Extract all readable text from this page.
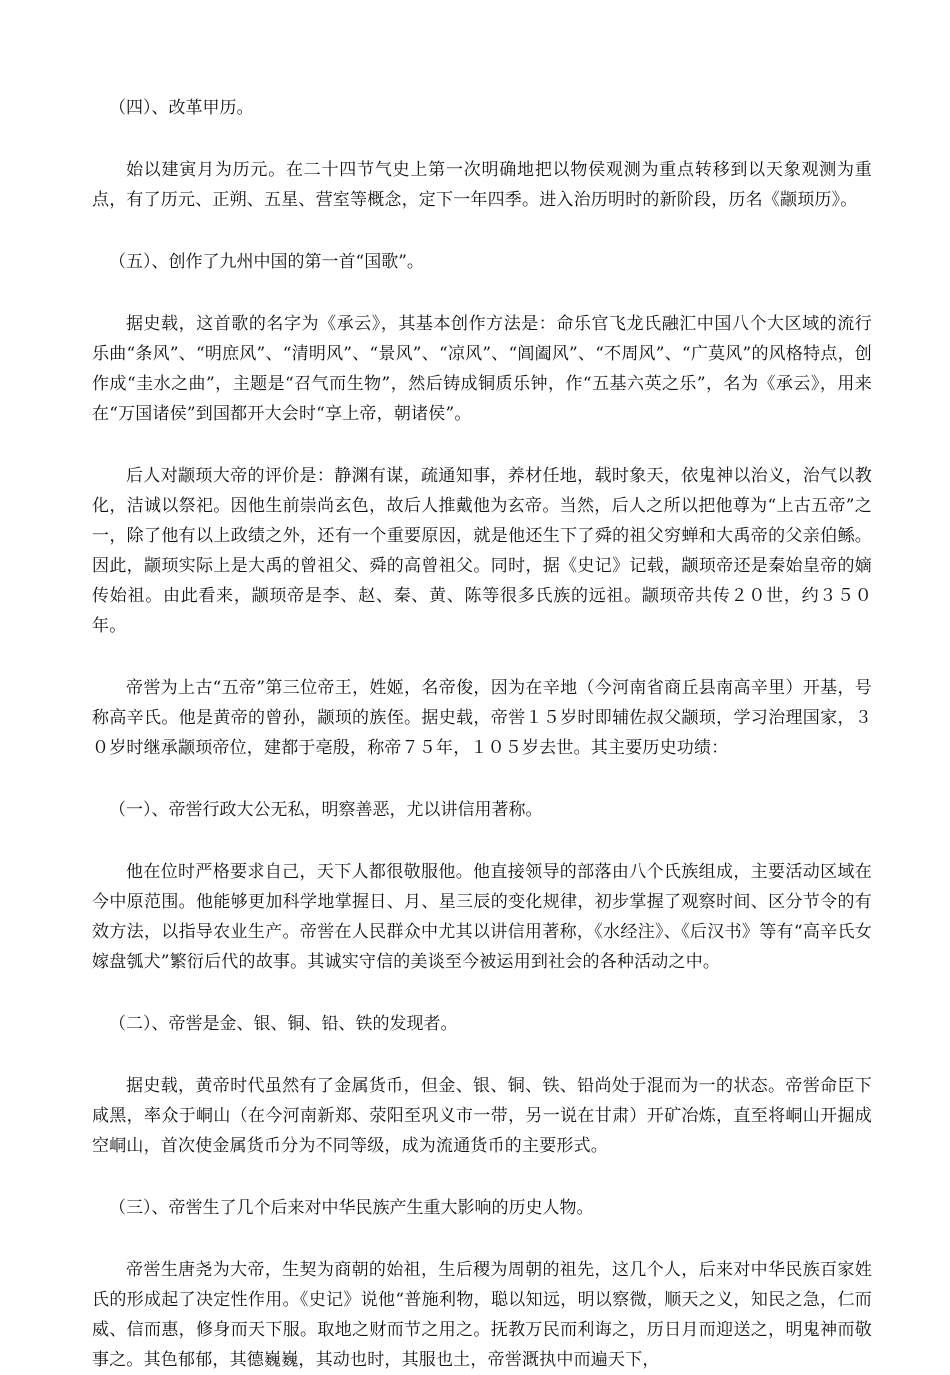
（四）、改革甲历。

始以建寅月为历元。在二十四节气史上第一次明确地把以物侯观测为重点转移到以天象观测为重点，有了历元、正朔、五星、营室等概念，定下一年四季。进入治历明时的新阶段，历名《颛顼历》。

（五）、创作了九州中国的第一首“国歌”。

据史载，这首歌的名字为《承云》，其基本创作方法是：命乐官飞龙氏融汇中国八个大区域的流行乐曲“条风”、“明庶风”、“清明风”、“景风”、“凉风”、“阊阖风”、“不周风”、“广莫风”的风格特点，创作成“圭水之曲”，主题是“召气而生物”，然后铸成铜质乐钟，作“五基六英之乐”，名为《承云》，用来在“万国诸侯”到国都开大会时“享上帝，朝诸侯”。

后人对颛顼大帝的评价是：静渊有谋，疏通知事，养材任地，载时象天，依鬼神以治义，治气以教化，洁诚以祭祀。因他生前崇尚玄色，故后人推戴他为玄帝。当然，后人之所以把他尊为“上古五帝”之一，除了他有以上政绩之外，还有一个重要原因，就是他还生下了舜的祖父穷蝉和大禹帝的父亲伯鲧。因此，颛顼实际上是大禹的曾祖父、舜的高曾祖父。同时，据《史记》记载，颛顼帝还是秦始皇帝的嫡传始祖。由此看来，颛顼帝是李、赵、秦、黄、陈等很多氏族的远祖。颛顼帝共传２０世，约３５０年。

帝喾为上古“五帝”第三位帝王，姓姬，名帝俊，因为在辛地（今河南省商丘县南高辛里）开基，号称高辛氏。他是黄帝的曾孙，颛顼的族侄。据史载，帝喾１５岁时即辅佐叔父颛顼，学习治理国家，３０岁时继承颛顼帝位，建都于亳殷，称帝７５年，１０５岁去世。其主要历史功绩：

（一）、帝喾行政大公无私，明察善恶，尤以讲信用著称。

他在位时严格要求自己，天下人都很敬服他。他直接领导的部落由八个氏族组成，主要活动区域在今中原范围。他能够更加科学地掌握日、月、星三辰的变化规律，初步掌握了观察时间、区分节令的有效方法，以指导农业生产。帝喾在人民群众中尤其以讲信用著称，《水经注》、《后汉书》等有“高辛氏女嫁盘瓠犬”繁衍后代的故事。其诚实守信的美谈至今被运用到社会的各种活动之中。

（二）、帝喾是金、银、铜、铅、铁的发现者。

据史载，黄帝时代虽然有了金属货币，但金、银、铜、铁、铅尚处于混而为一的状态。帝喾命臣下咸黑，率众于峒山（在今河南新郑、荥阳至巩义市一带，另一说在甘肃）开矿冶炼，直至将峒山开掘成空峒山，首次使金属货币分为不同等级，成为流通货币的主要形式。

（三）、帝喾生了几个后来对中华民族产生重大影响的历史人物。

帝喾生唐尧为大帝，生契为商朝的始祖，生后稷为周朝的祖先，这几个人，后来对中华民族百家姓氏的形成起了决定性作用。《史记》说他“普施利物，聪以知远，明以察微，顺天之义，知民之急，仁而威、信而惠，修身而天下服。取地之财而节之用之。抚教万民而利诲之，历日月而迎送之，明鬼神而敬事之。其色郁郁，其德巍巍，其动也时，其服也土，帝喾溉执中而遍天下，
